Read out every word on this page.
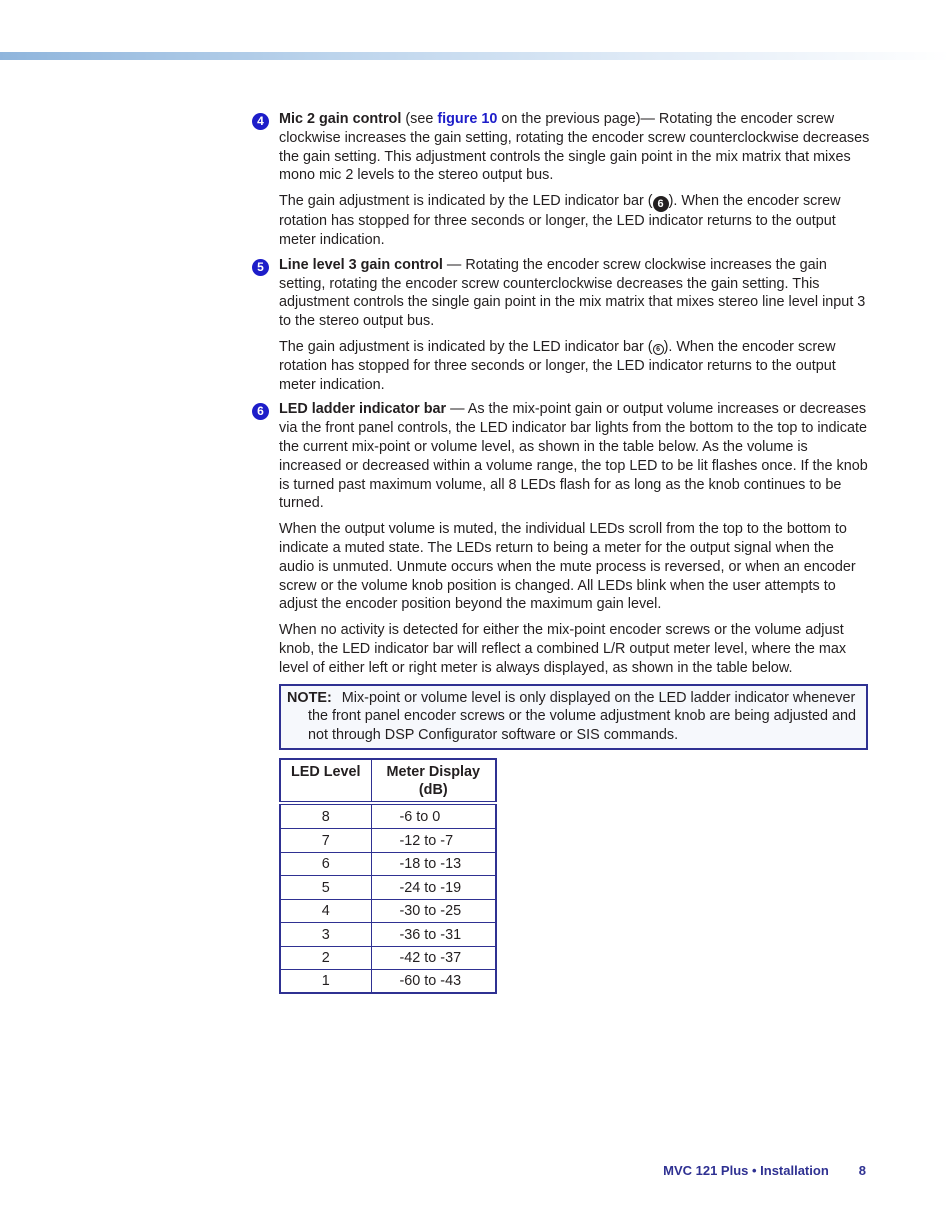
4	Mic 2 gain control (see figure 10 on the previous page)— Rotating the encoder screw clockwise increases the gain setting, rotating the encoder screw counterclockwise decreases the gain setting. This adjustment controls the single gain point in the mix matrix that mixes mono mic 2 levels to the stereo output bus.

The gain adjustment is indicated by the LED indicator bar ( 6 ). When the encoder screw rotation has stopped for three seconds or longer, the LED indicator returns to the output meter indication.

5	Line level 3 gain control — Rotating the encoder screw clockwise increases the gain setting, rotating the encoder screw counterclockwise decreases the gain setting. This adjustment controls the single gain point in the mix matrix that mixes stereo line level input 3 to the stereo output bus.

The gain adjustment is indicated by the LED indicator bar ( 6 ). When the encoder screw rotation has stopped for three seconds or longer, the LED indicator returns to the output meter indication.

6	LED ladder indicator bar — As the mix-point gain or output volume increases or decreases via the front panel controls, the LED indicator bar lights from the bottom to the top to indicate the current mix-point or volume level, as shown in the table below. As the volume is increased or decreased within a volume range, the top LED to be lit flashes once. If the knob is turned past maximum volume, all 8 LEDs flash for as long as the knob continues to be turned.

When the output volume is muted, the individual LEDs scroll from the top to the bottom to indicate a muted state. The LEDs return to being a meter for the output signal when the audio is unmuted. Unmute occurs when the mute process is reversed, or when an encoder screw or the volume knob position is changed. All LEDs blink when the user attempts to adjust the encoder position beyond the maximum gain level.

When no activity is detected for either the mix-point encoder screws or the volume adjust knob, the LED indicator bar will reflect a combined L/R output meter level, where the max level of either left or right meter is always displayed, as shown in the table below.

NOTE: Mix-point or volume level is only displayed on the LED ladder indicator whenever the front panel encoder screws or the volume adjustment knob are being adjusted and not through DSP Configurator software or SIS commands.

LED Level	Meter Display (dB)
8	-6 to 0
7	-12 to -7
6	-18 to -13
5	-24 to -19
4	-30 to -25
3	-36 to -31
2	-42 to -37
1	-60 to -43
MVC 121 Plus • Installation 8
